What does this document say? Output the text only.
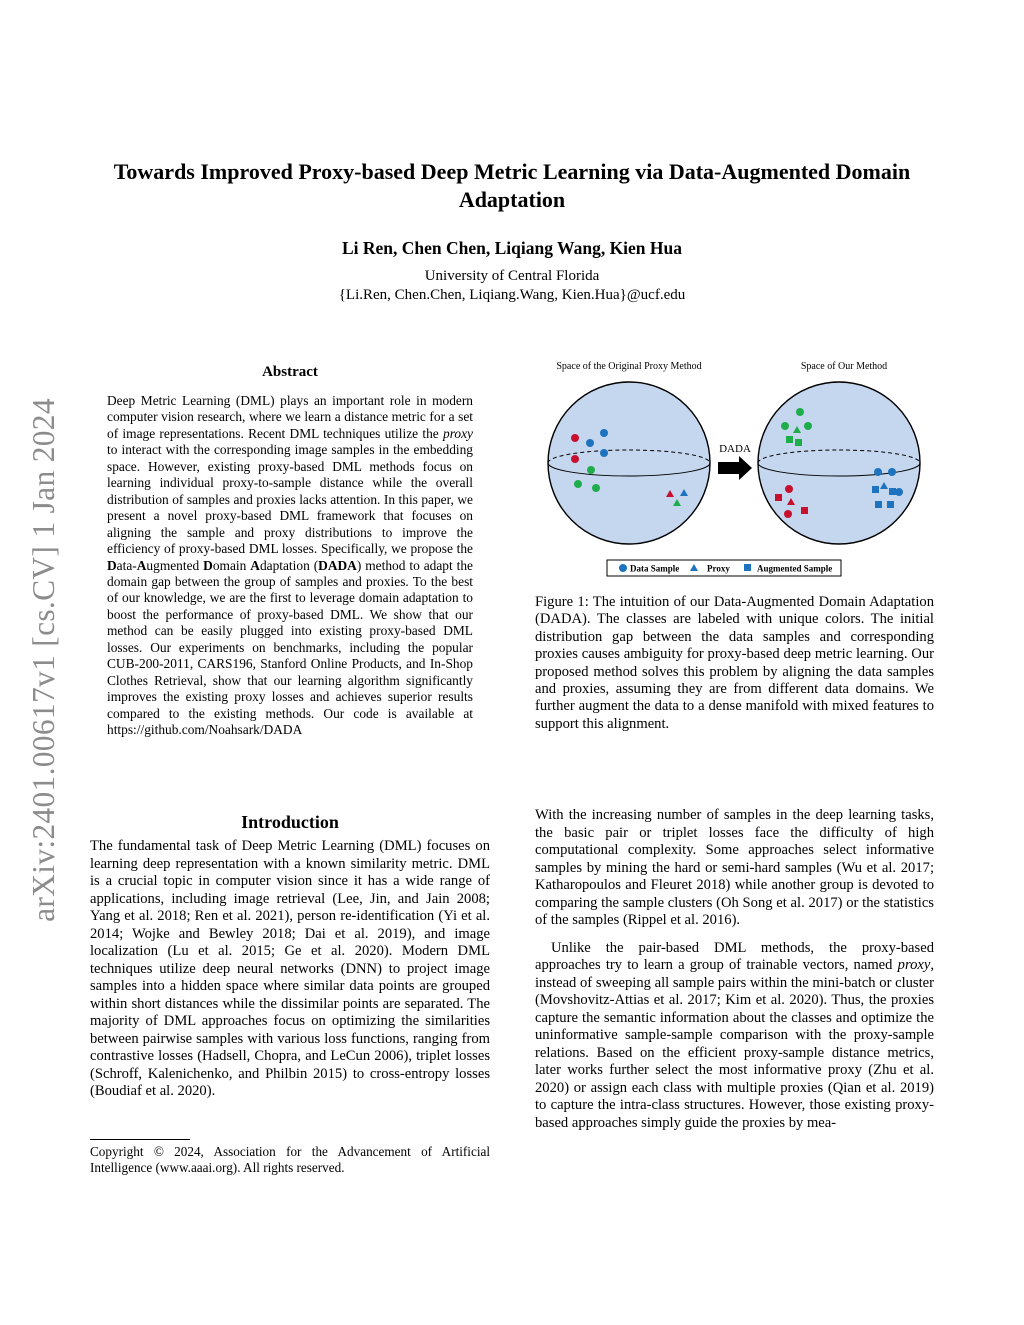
arXiv:2401.00617v1 [cs.CV] 1 Jan 2024
Towards Improved Proxy-based Deep Metric Learning via Data-Augmented Domain Adaptation
Li Ren, Chen Chen, Liqiang Wang, Kien Hua
University of Central Florida
{Li.Ren, Chen.Chen, Liqiang.Wang, Kien.Hua}@ucf.edu
Abstract
Deep Metric Learning (DML) plays an important role in modern computer vision research, where we learn a distance metric for a set of image representations. Recent DML techniques utilize the proxy to interact with the corresponding image samples in the embedding space. However, existing proxy-based DML methods focus on learning individual proxy-to-sample distance while the overall distribution of samples and proxies lacks attention. In this paper, we present a novel proxy-based DML framework that focuses on aligning the sample and proxy distributions to improve the efficiency of proxy-based DML losses. Specifically, we propose the Data-Augmented Domain Adaptation (DADA) method to adapt the domain gap between the group of samples and proxies. To the best of our knowledge, we are the first to leverage domain adaptation to boost the performance of proxy-based DML. We show that our method can be easily plugged into existing proxy-based DML losses. Our experiments on benchmarks, including the popular CUB-200-2011, CARS196, Stanford Online Products, and In-Shop Clothes Retrieval, show that our learning algorithm significantly improves the existing proxy losses and achieves superior results compared to the existing methods. Our code is available at https://github.com/Noahsark/DADA
Introduction

The fundamental task of Deep Metric Learning (DML) focuses on learning deep representation with a known similarity metric. DML is a crucial topic in computer vision since it has a wide range of applications, including image retrieval (Lee, Jin, and Jain 2008; Yang et al. 2018; Ren et al. 2021), person re-identification (Yi et al. 2014; Wojke and Bewley 2018; Dai et al. 2019), and image localization (Lu et al. 2015; Ge et al. 2020). Modern DML techniques utilize deep neural networks (DNN) to project image samples into a hidden space where similar data points are grouped within short distances while the dissimilar points are separated. The majority of DML approaches focus on optimizing the similarities between pairwise samples with various loss functions, ranging from contrastive losses (Hadsell, Chopra, and LeCun 2006), triplet losses (Schroff, Kalenichenko, and Philbin 2015) to cross-entropy losses (Boudiaf et al. 2020).

Copyright © 2024, Association for the Advancement of Artificial Intelligence (www.aaai.org). All rights reserved.
Space of the Original Proxy Method	Space of Our Method
DADA
Data Sample	Proxy	Augmented Sample
Figure 1: The intuition of our Data-Augmented Domain Adaptation (DADA). The classes are labeled with unique colors. The initial distribution gap between the data samples and corresponding proxies causes ambiguity for proxy-based deep metric learning. Our proposed method solves this problem by aligning the data samples and proxies, assuming they are from different data domains. We further augment the data to a dense manifold with mixed features to support this alignment.

With the increasing number of samples in the deep learning tasks, the basic pair or triplet losses face the difficulty of high computational complexity. Some approaches select informative samples by mining the hard or semi-hard samples (Wu et al. 2017; Katharopoulos and Fleuret 2018) while another group is devoted to comparing the sample clusters (Oh Song et al. 2017) or the statistics of the samples (Rippel et al. 2016).

Unlike the pair-based DML methods, the proxy-based approaches try to learn a group of trainable vectors, named proxy, instead of sweeping all sample pairs within the mini-batch or cluster (Movshovitz-Attias et al. 2017; Kim et al. 2020). Thus, the proxies capture the semantic information about the classes and optimize the uninformative sample-sample comparison with the proxy-sample relations. Based on the efficient proxy-sample distance metrics, later works further select the most informative proxy (Zhu et al. 2020) or assign each class with multiple proxies (Qian et al. 2019) to capture the intra-class structures. However, those existing proxy-based approaches simply guide the proxies by mea-
